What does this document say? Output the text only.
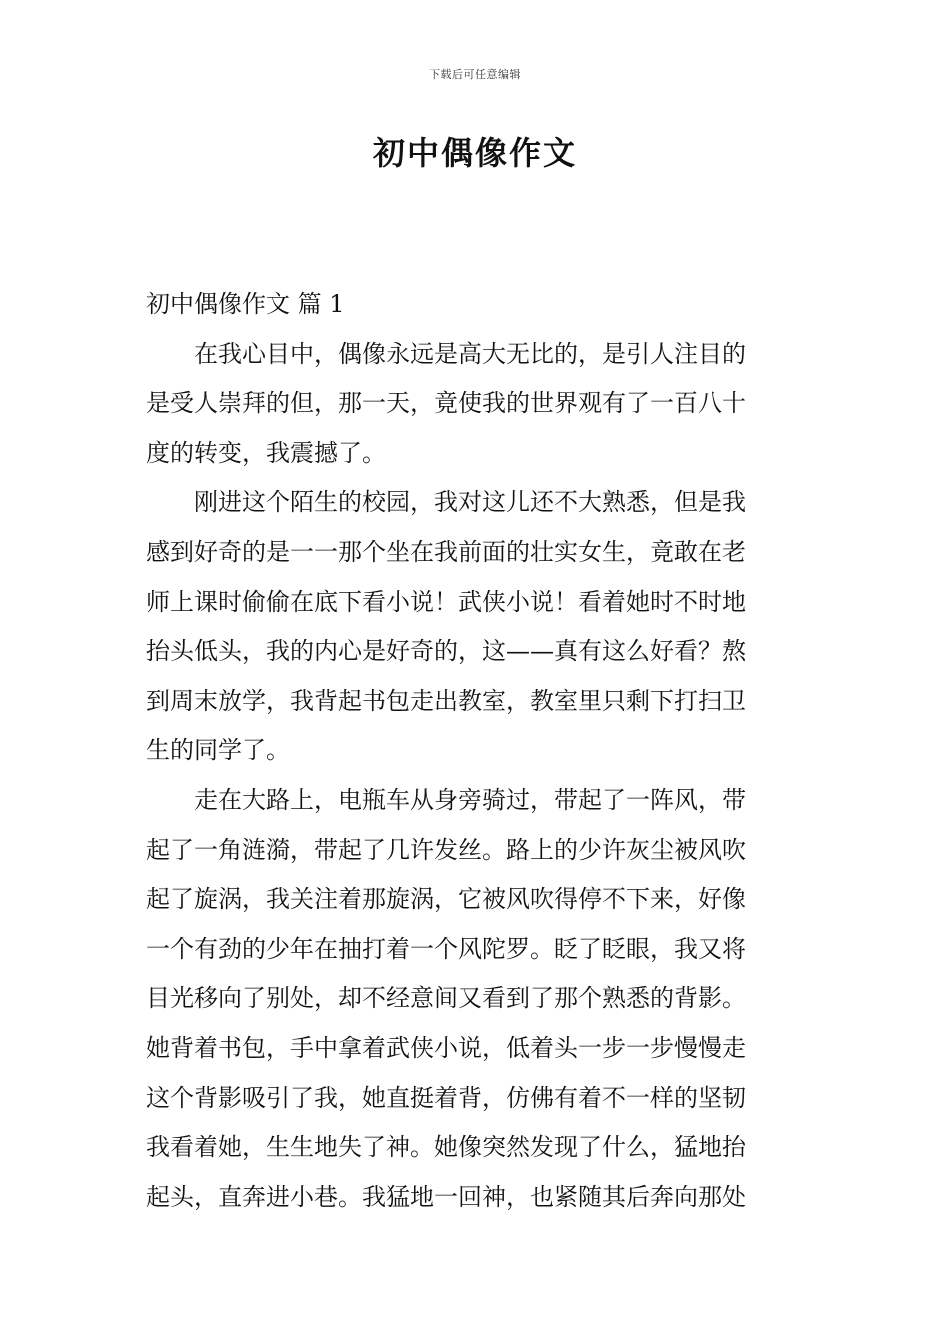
下载后可任意编辑
初中偶像作文
初中偶像作文 篇 1

在我心目中，偶像永远是高大无比的，是引人注目的
是受人崇拜的但，那一天，竟使我的世界观有了一百八十
度的转变，我震撼了。

刚进这个陌生的校园，我对这儿还不大熟悉，但是我
感到好奇的是一一那个坐在我前面的壮实女生，竟敢在老
师上课时偷偷在底下看小说！武侠小说！看着她时不时地
抬头低头，我的内心是好奇的，这——真有这么好看？熬
到周末放学，我背起书包走出教室，教室里只剩下打扫卫
生的同学了。

走在大路上，电瓶车从身旁骑过，带起了一阵风，带
起了一角涟漪，带起了几许发丝。路上的少许灰尘被风吹
起了旋涡，我关注着那旋涡，它被风吹得停不下来，好像
一个有劲的少年在抽打着一个风陀罗。眨了眨眼，我又将
目光移向了别处，却不经意间又看到了那个熟悉的背影。
她背着书包，手中拿着武侠小说，低着头一步一步慢慢走
这个背影吸引了我，她直挺着背，仿佛有着不一样的坚韧
我看着她，生生地失了神。她像突然发现了什么，猛地抬
起头，直奔进小巷。我猛地一回神，也紧随其后奔向那处
